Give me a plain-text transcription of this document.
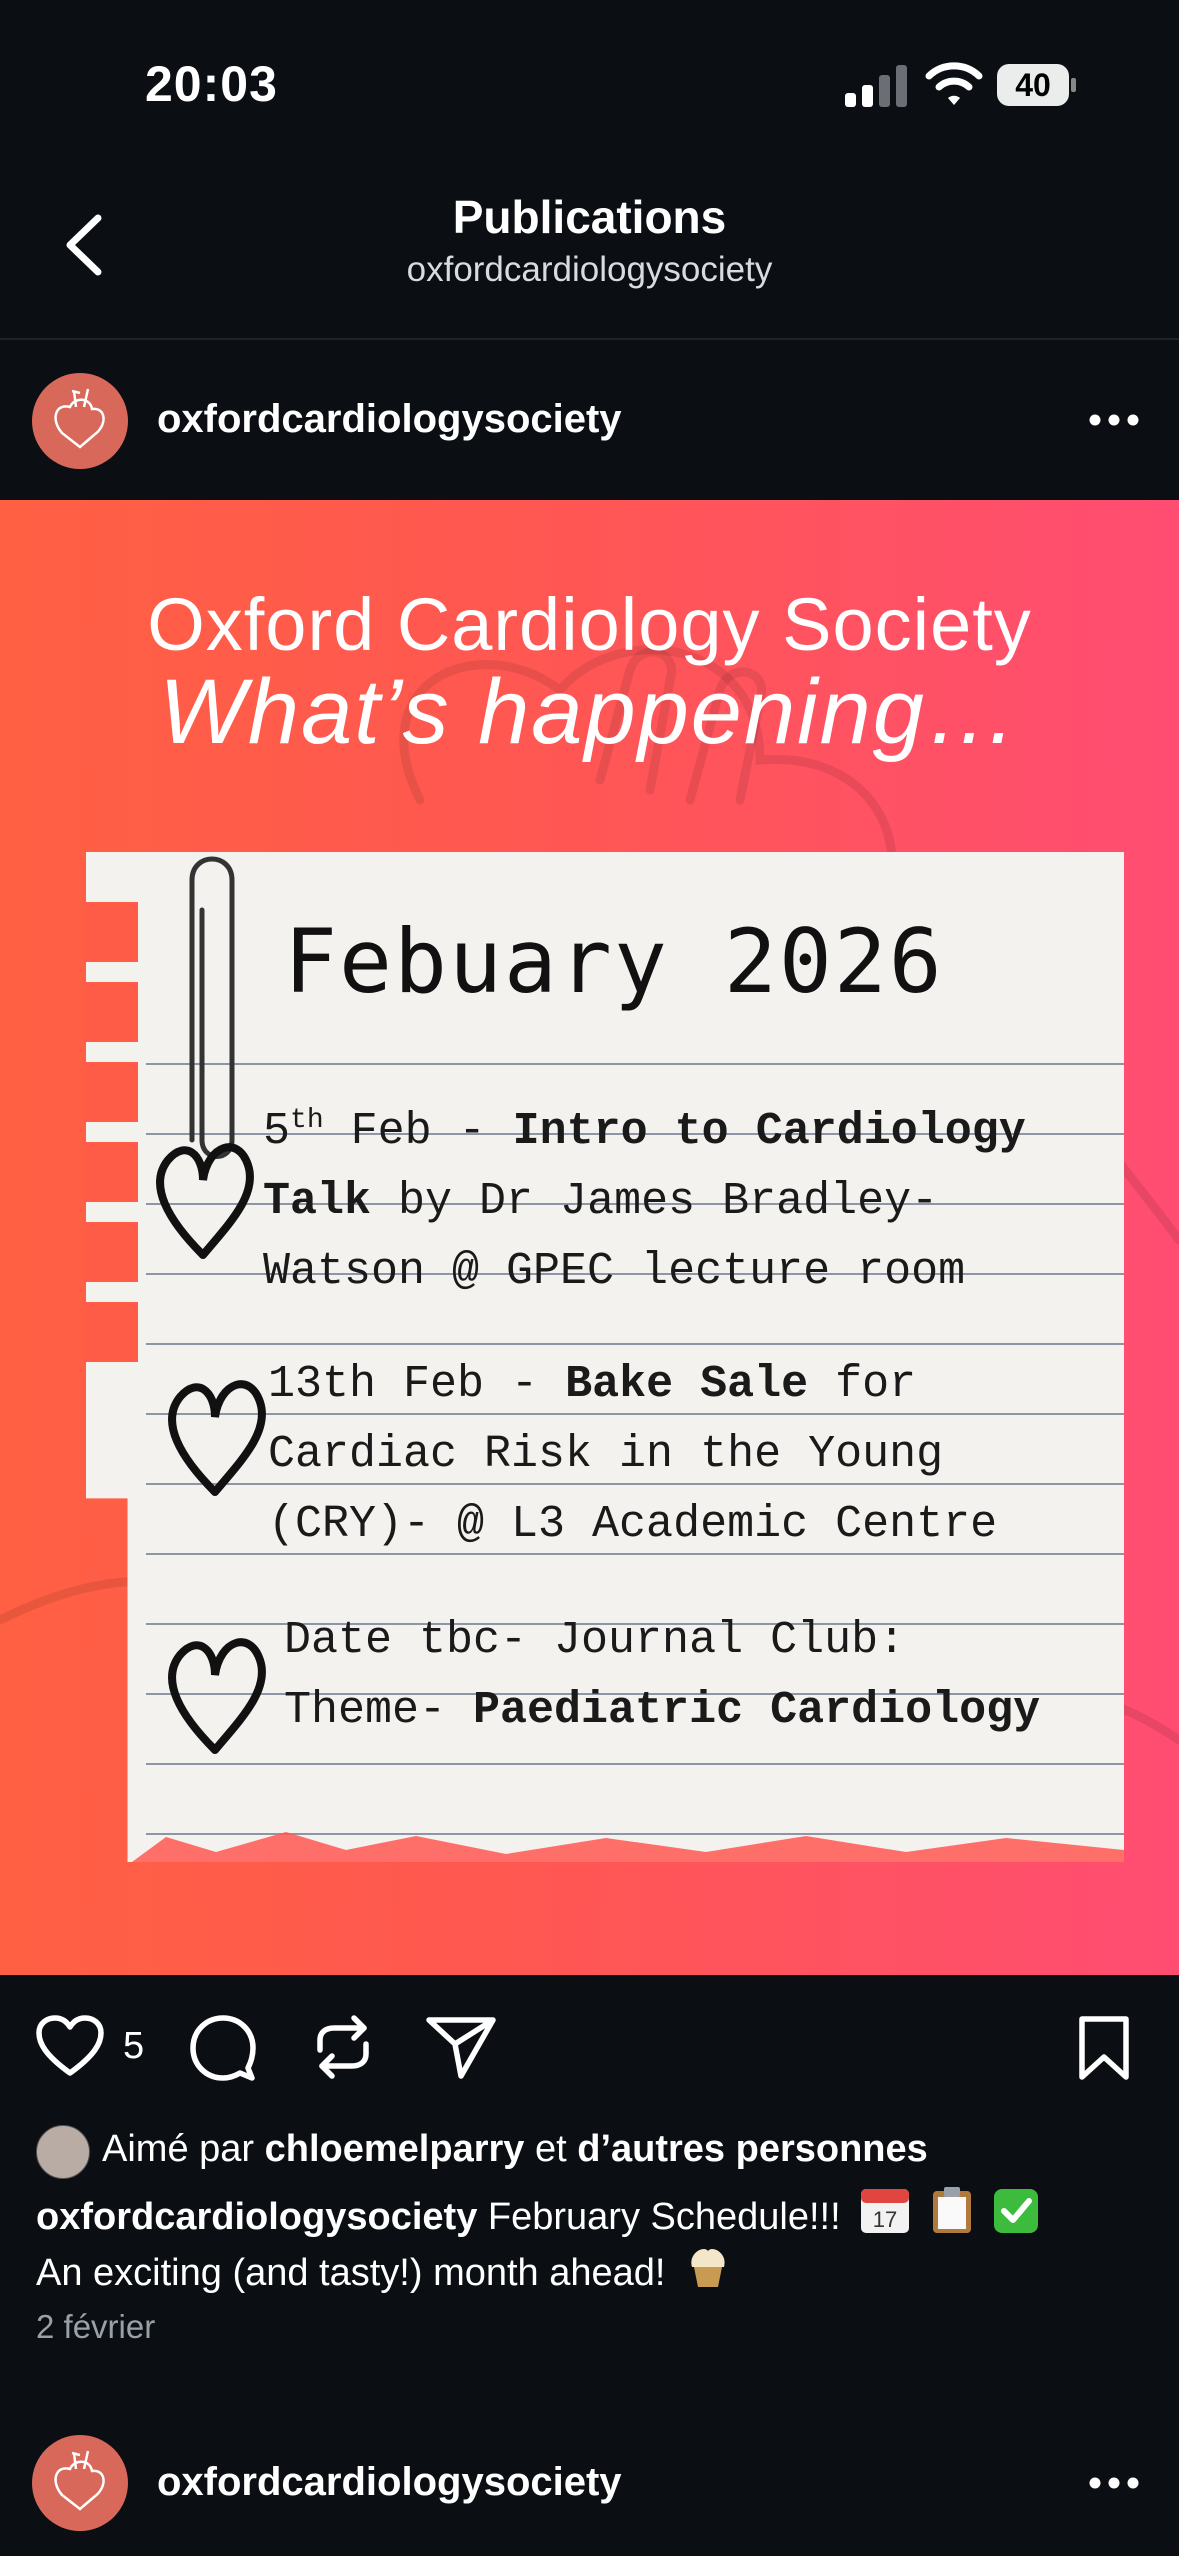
20:03	40
Publications
oxfordcardiologysociety
oxfordcardiologysociety
Oxford Cardiology Society
What’s happening…
Febuary 2026
5th Feb - Intro to Cardiology
Talk by Dr James Bradley-
Watson @ GPEC lecture room
13th Feb - Bake Sale for
Cardiac Risk in the Young
(CRY)- @ L3 Academic Centre
Date tbc- Journal Club:
Theme- Paediatric Cardiology
5
Aimé par chloemelparry et d’autres personnes
oxfordcardiologysociety February Schedule!!! 17

An exciting (and tasty!) month ahead!
2 février
oxfordcardiologysociety
